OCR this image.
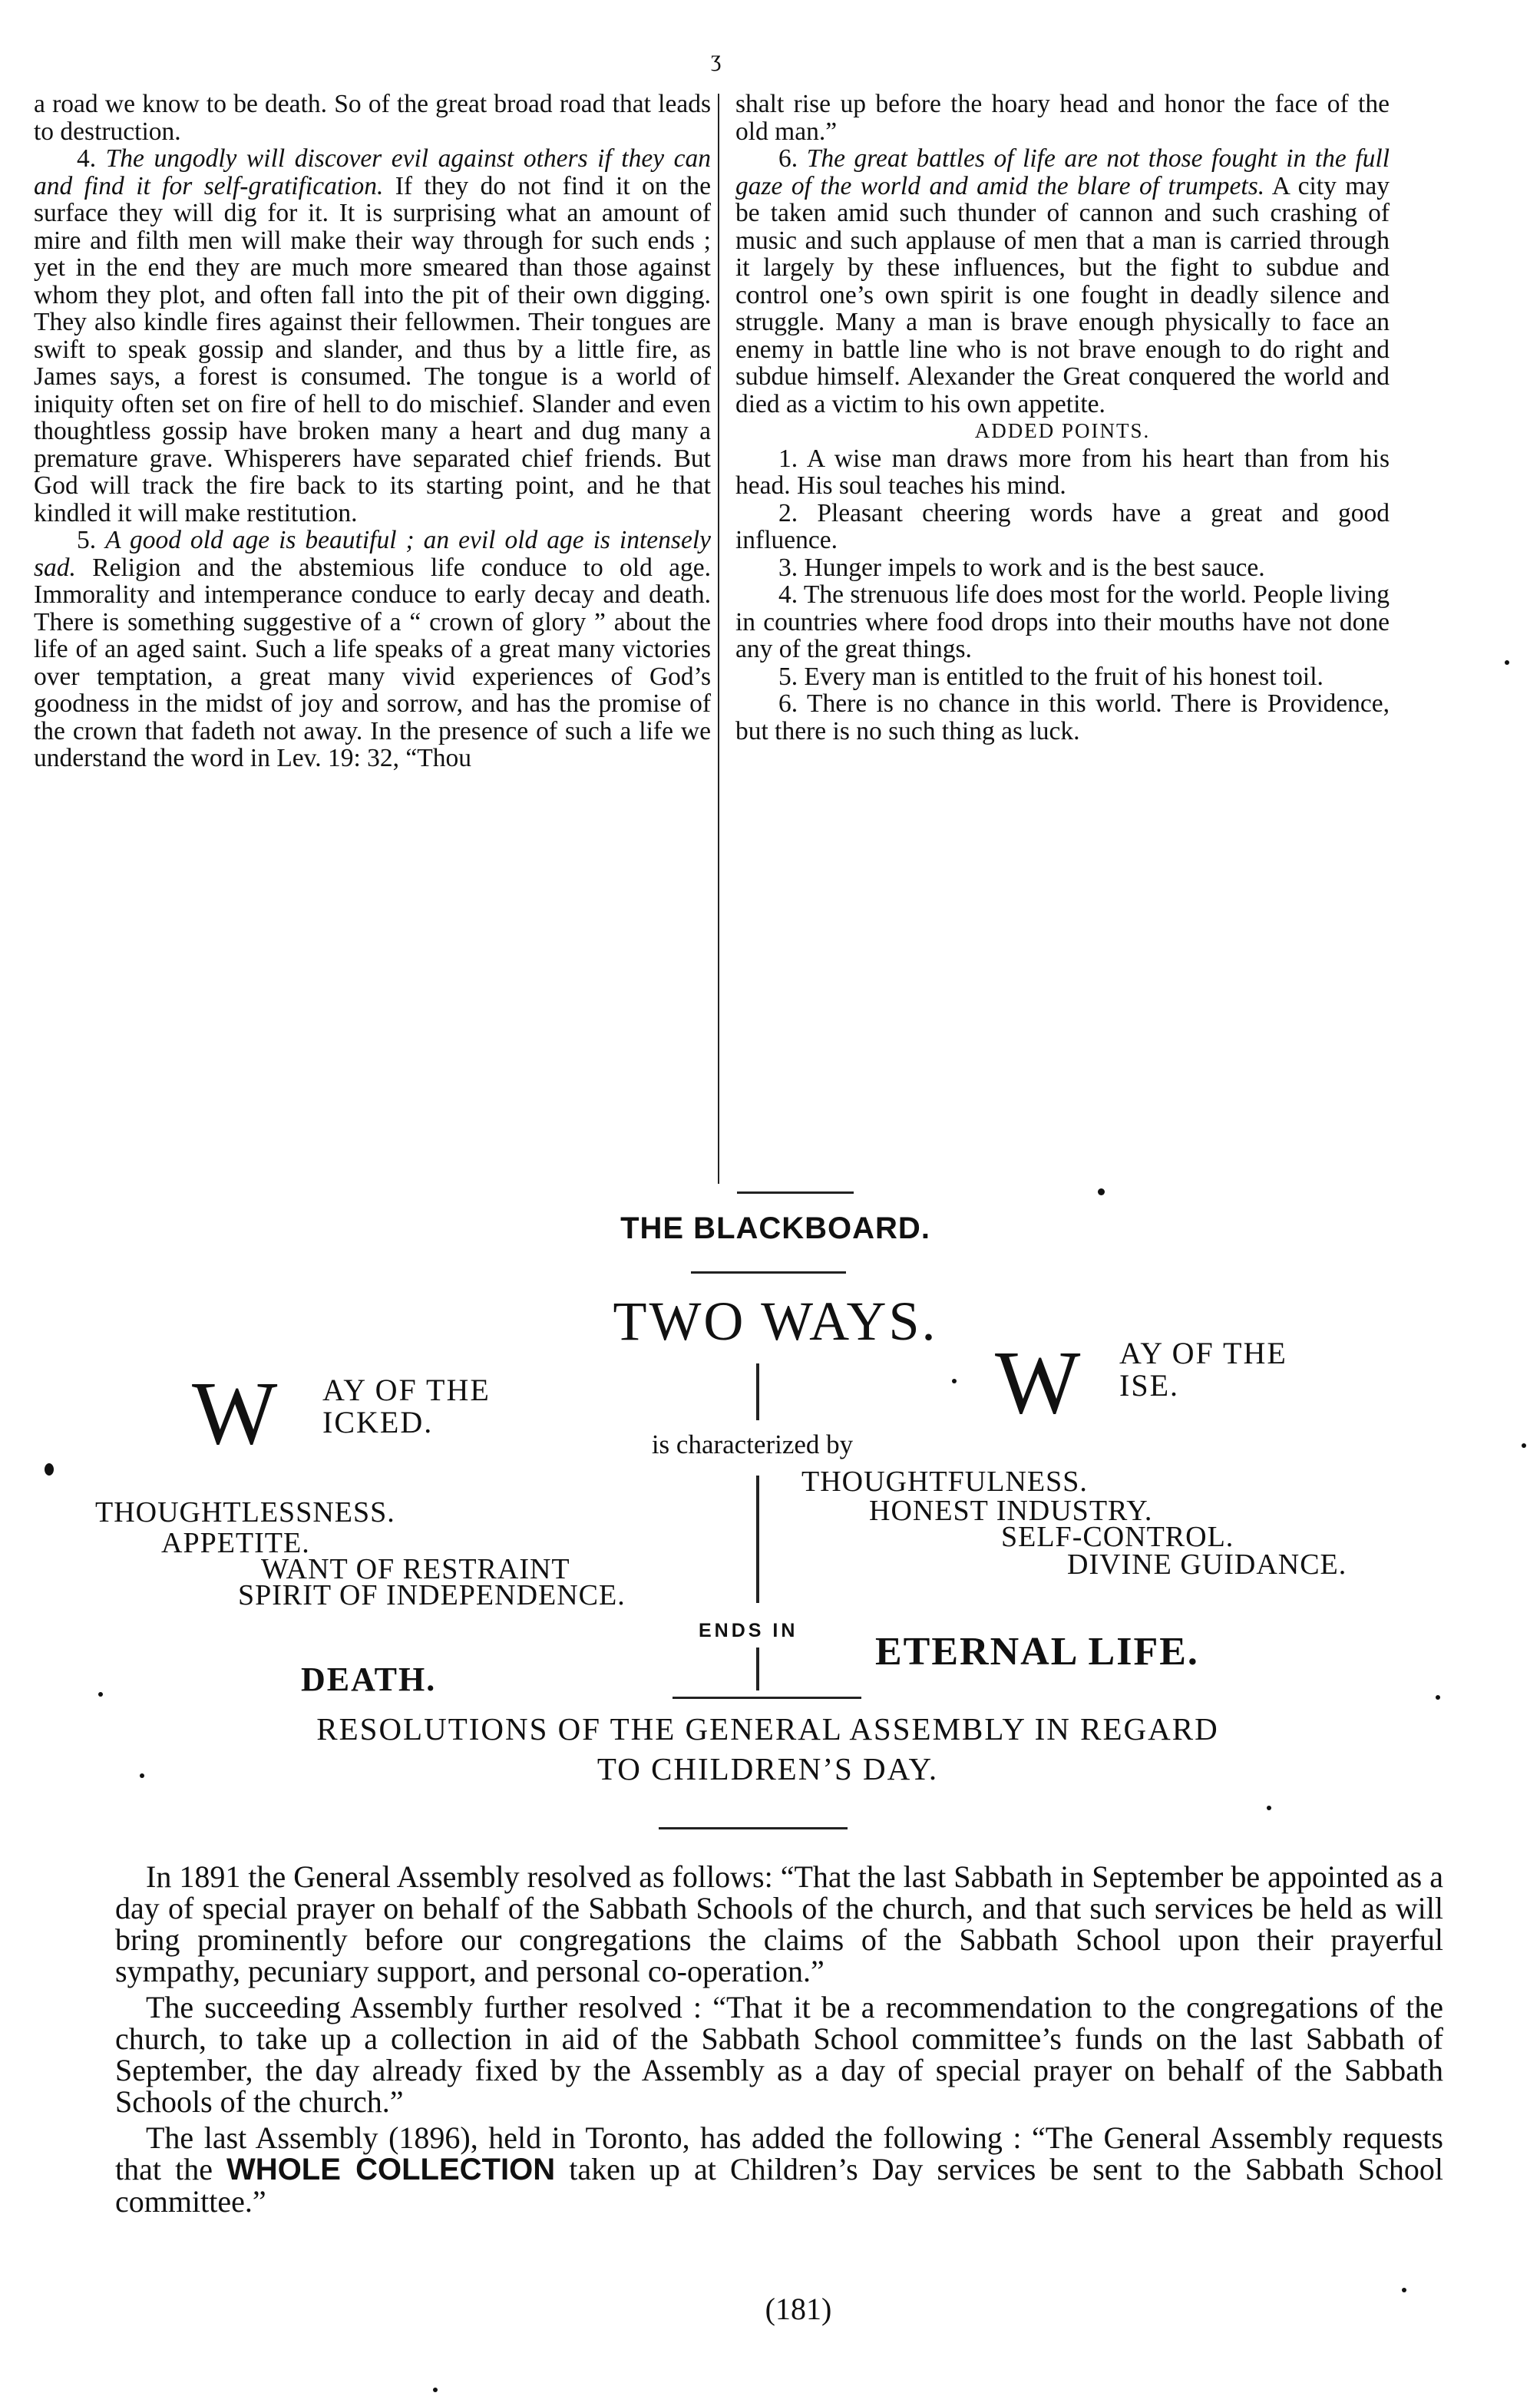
ʒ

a road we know to be death. So of the great broad road that leads to destruction.

4. The ungodly will discover evil against others if they can and find it for self-gratification. If they do not find it on the surface they will dig for it. It is surprising what an amount of mire and filth men will make their way through for such ends ; yet in the end they are much more smeared than those against whom they plot, and often fall into the pit of their own digging. They also kindle fires against their fellowmen. Their tongues are swift to speak gossip and slander, and thus by a little fire, as James says, a forest is consumed. The tongue is a world of iniquity often set on fire of hell to do mischief. Slander and even thoughtless gossip have broken many a heart and dug many a premature grave. Whisperers have separated chief friends. But God will track the fire back to its starting point, and he that kindled it will make restitution.

5. A good old age is beautiful ; an evil old age is intensely sad. Religion and the abstemious life conduce to old age. Immorality and intemperance conduce to early decay and death. There is something suggestive of a “ crown of glory ” about the life of an aged saint. Such a life speaks of a great many victories over temptation, a great many vivid experiences of God’s goodness in the midst of joy and sorrow, and has the promise of the crown that fadeth not away. In the presence of such a life we understand the word in Lev. 19: 32, “Thou

shalt rise up before the hoary head and honor the face of the old man.”

6. The great battles of life are not those fought in the full gaze of the world and amid the blare of trumpets. A city may be taken amid such thunder of cannon and such crashing of music and such applause of men that a man is carried through it largely by these influences, but the fight to subdue and control one’s own spirit is one fought in deadly silence and struggle. Many a man is brave enough physically to face an enemy in battle line who is not brave enough to do right and subdue himself. Alexander the Great conquered the world and died as a victim to his own appetite.

ADDED POINTS.

1. A wise man draws more from his heart than from his head. His soul teaches his mind.

2. Pleasant cheering words have a great and good influence.

3. Hunger impels to work and is the best sauce.

4. The strenuous life does most for the world. People living in countries where food drops into their mouths have not done any of the great things.

5. Every man is entitled to the fruit of his honest toil.

6. There is no chance in this world. There is Providence, but there is no such thing as luck.

THE BLACKBOARD.
TWO WAYS.
W AY OF THE
ICKED.	W AY OF THE
ISE.
is characterized by
THOUGHTLESSNESS.
APPETITE.
WANT OF RESTRAINT
SPIRIT OF INDEPENDENCE.
THOUGHTFULNESS.
HONEST INDUSTRY.
SELF-CONTROL.
DIVINE GUIDANCE.
ENDS IN
DEATH.
ETERNAL LIFE.
RESOLUTIONS OF THE GENERAL ASSEMBLY IN REGARD
TO CHILDREN’S DAY.

In 1891 the General Assembly resolved as follows: “That the last Sabbath in September be appointed as a day of special prayer on behalf of the Sabbath Schools of the church, and that such services be held as will bring prominently before our congregations the claims of the Sabbath School upon their prayerful sympathy, pecuniary support, and personal co-operation.”

The succeeding Assembly further resolved : “That it be a recommendation to the congregations of the church, to take up a collection in aid of the Sabbath School committee’s funds on the last Sabbath of September, the day already fixed by the Assembly as a day of special prayer on behalf of the Sabbath Schools of the church.”

The last Assembly (1896), held in Toronto, has added the following : “The General Assembly requests that the WHOLE COLLECTION taken up at Children’s Day services be sent to the Sabbath School committee.”

(181)
